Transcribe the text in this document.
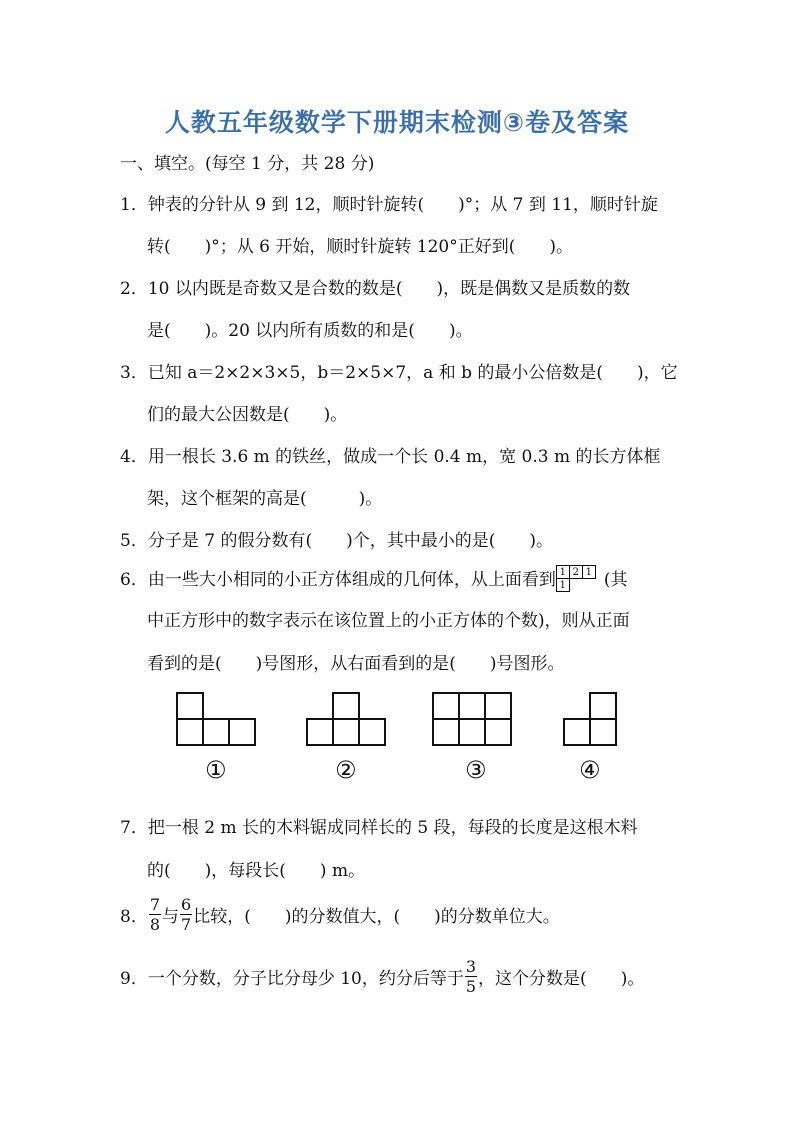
人教五年级数学下册期末检测③卷及答案
一、填空。(每空 1 分，共 28 分)
1．钟表的分针从 9 到 12，顺时针旋转( )°；从 7 到 11，顺时针旋
转( )°；从 6 开始，顺时针旋转 120°正好到( )。
2．10 以内既是奇数又是合数的数是( )，既是偶数又是质数的数
是( )。20 以内所有质数的和是( )。
3．已知 a＝2×2×3×5，b＝2×5×7，a 和 b 的最小公倍数是( )，它
们的最大公因数是( )。
4．用一根长 3.6 m 的铁丝，做成一个长 0.4 m，宽 0.3 m 的长方体框
架，这个框架的高是(	)。
5．分子是 7 的假分数有( )个，其中最小的是( )。
6．由一些大小相同的小正方体组成的几何体，从上面看到 1 2 1
1 (其
中正方形中的数字表示在该位置上的小正方体的个数)，则从正面
看到的是( )号图形，从右面看到的是( )号图形。
①	②	③	④
7．把一根 2 m 长的木料锯成同样长的 5 段，每段的长度是这根木料
的( )，每段长( ) m。
8． $\frac{7}{8}$ 与 $\frac{6}{7}$ 比较，( )的分数值大，( )的分数单位大。
9．一个分数，分子比分母少 10，约分后等于 $\frac{3}{5}$ ，这个分数是( )。
